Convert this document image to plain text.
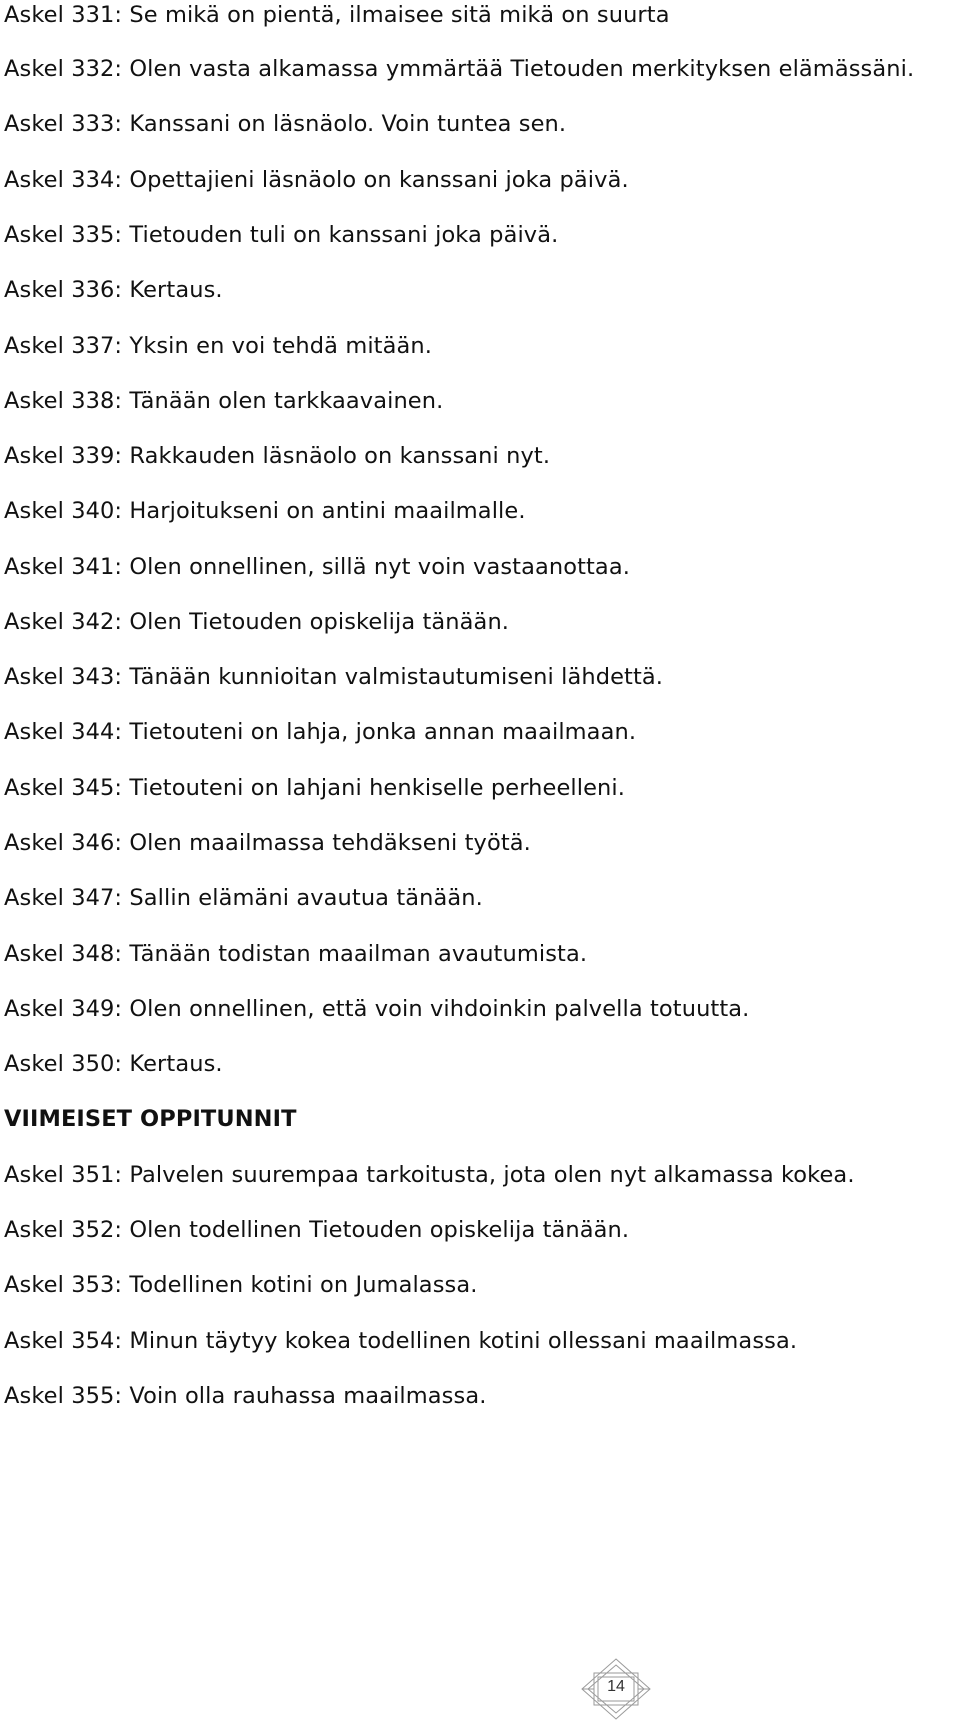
Askel 331: Se mikä on pientä, ilmaisee sitä mikä on suurta
Askel 332: Olen vasta alkamassa ymmärtää Tietouden merkityksen elämässäni.
Askel 333: Kanssani on läsnäolo. Voin tuntea sen.
Askel 334: Opettajieni läsnäolo on kanssani joka päivä.
Askel 335: Tietouden tuli on kanssani joka päivä.
Askel 336: Kertaus.
Askel 337: Yksin en voi tehdä mitään.
Askel 338: Tänään olen tarkkaavainen.
Askel 339: Rakkauden läsnäolo on kanssani nyt.
Askel 340: Harjoitukseni on antini maailmalle.
Askel 341: Olen onnellinen, sillä nyt voin vastaanottaa.
Askel 342: Olen Tietouden opiskelija tänään.
Askel 343: Tänään kunnioitan valmistautumiseni lähdettä.
Askel 344: Tietouteni on lahja, jonka annan maailmaan.
Askel 345: Tietouteni on lahjani henkiselle perheelleni.
Askel 346: Olen maailmassa tehdäkseni työtä.
Askel 347: Sallin elämäni avautua tänään.
Askel 348: Tänään todistan maailman avautumista.
Askel 349: Olen onnellinen, että voin vihdoinkin palvella totuutta.
Askel 350: Kertaus.
VIIMEISET OPPITUNNIT
Askel 351: Palvelen suurempaa tarkoitusta, jota olen nyt alkamassa kokea.
Askel 352: Olen todellinen Tietouden opiskelija tänään.
Askel 353: Todellinen kotini on Jumalassa.
Askel 354: Minun täytyy kokea todellinen kotini ollessani maailmassa.
Askel 355: Voin olla rauhassa maailmassa.
14
